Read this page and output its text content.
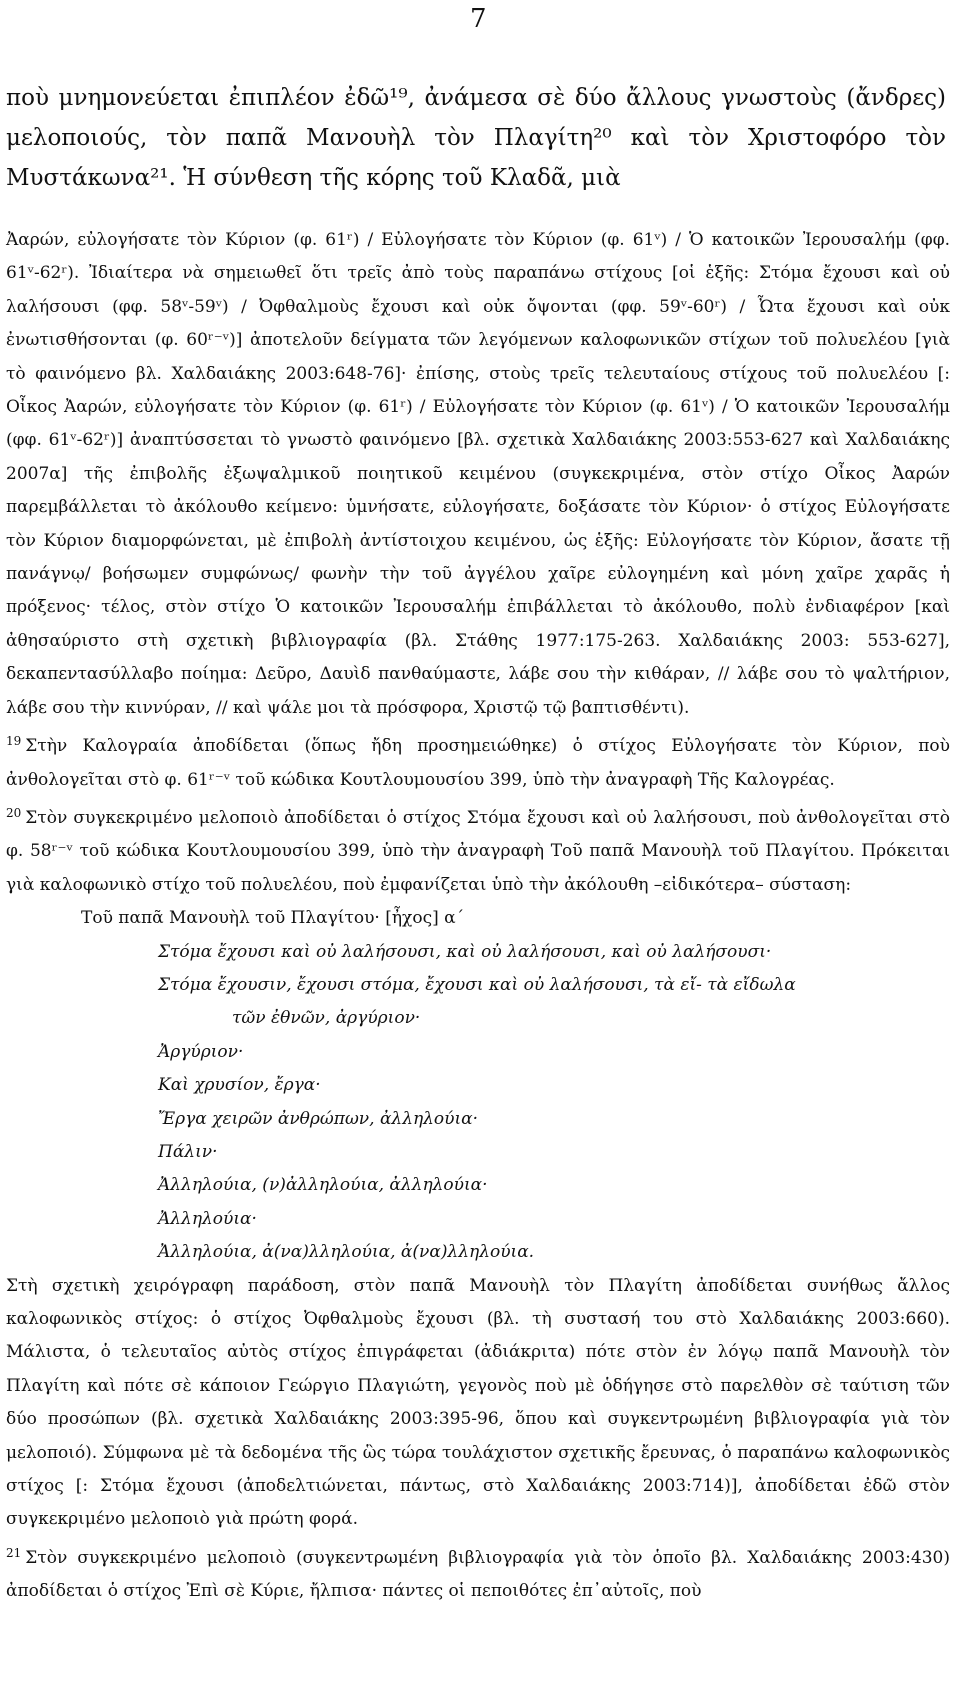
7

ποὺ μνημονεύεται ἐπιπλέον ἐδῶ¹⁹, ἀνάμεσα σὲ δύο ἄλλους γνωστοὺς (ἄνδρες) μελοποιούς, τὸν παπᾶ Μανουὴλ τὸν Πλαγίτη²⁰ καὶ τὸν Χριστοφόρο τὸν Μυστάκωνα²¹. Ἡ σύνθεση τῆς κόρης τοῦ Κλαδᾶ, μιὰ

Ἀαρών, εὐλογήσατε τὸν Κύριον (φ. 61ʳ) / Εὐλογήσατε τὸν Κύριον (φ. 61ᵛ) / Ὁ κατοικῶν Ἰερουσαλήμ (φφ. 61ᵛ-62ʳ). Ἰδιαίτερα νὰ σημειωθεῖ ὅτι τρεῖς ἀπὸ τοὺς παραπάνω στίχους [οἱ ἑξῆς: Στόμα ἔχουσι καὶ οὐ λαλήσουσι (φφ. 58ᵛ-59ᵛ) / Ὀφθαλμοὺς ἔχουσι καὶ οὐκ ὄψονται (φφ. 59ᵛ-60ʳ) / Ὦτα ἔχουσι καὶ οὐκ ἐνωτισθήσονται (φ. 60ʳ⁻ᵛ)] ἀποτελοῦν δείγματα τῶν λεγόμενων καλοφωνικῶν στίχων τοῦ πολυελέου [γιὰ τὸ φαινόμενο βλ. Χαλδαιάκης 2003:648-76]· ἐπίσης, στοὺς τρεῖς τελευταίους στίχους τοῦ πολυελέου [: Οἶκος Ἀαρών, εὐλογήσατε τὸν Κύριον (φ. 61ʳ) / Εὐλογήσατε τὸν Κύριον (φ. 61ᵛ) / Ὁ κατοικῶν Ἰερουσαλήμ (φφ. 61ᵛ-62ʳ)] ἀναπτύσσεται τὸ γνωστὸ φαινόμενο [βλ. σχετικὰ Χαλδαιάκης 2003:553-627 καὶ Χαλδαιάκης 2007α] τῆς ἐπιβολῆς ἐξωψαλμικοῦ ποιητικοῦ κειμένου (συγκεκριμένα, στὸν στίχο Οἶκος Ἀαρών παρεμβάλλεται τὸ ἀκόλουθο κείμενο: ὑμνήσατε, εὐλογήσατε, δοξάσατε τὸν Κύριον· ὁ στίχος Εὐλογήσατε τὸν Κύριον διαμορφώνεται, μὲ ἐπιβολὴ ἀντίστοιχου κειμένου, ὡς ἑξῆς: Εὐλογήσατε τὸν Κύριον, ἄσατε τῇ πανάγνῳ/ βοήσωμεν συμφώνως/ φωνὴν τὴν τοῦ ἀγγέλου χαῖρε εὐλογημένη καὶ μόνη χαῖρε χαρᾶς ἡ πρόξενος· τέλος, στὸν στίχο Ὁ κατοικῶν Ἰερουσαλήμ ἐπιβάλλεται τὸ ἀκόλουθο, πολὺ ἐνδιαφέρον [καὶ ἀθησαύριστο στὴ σχετικὴ βιβλιογραφία (βλ. Στάθης 1977:175-263. Χαλδαιάκης 2003: 553-627], δεκαπεντασύλλαβο ποίημα: Δεῦρο, Δαυὶδ πανθαύμαστε, λάβε σου τὴν κιθάραν, // λάβε σου τὸ ψαλτήριον, λάβε σου τὴν κιννύραν, // καὶ ψάλε μοι τὰ πρόσφορα, Χριστῷ τῷ βαπτισθέντι).

$^{19}$ Στὴν Καλογραία ἀποδίδεται (ὅπως ἤδη προσημειώθηκε) ὁ στίχος Εὐλογήσατε τὸν Κύριον, ποὺ ἀνθολογεῖται στὸ φ. 61ʳ⁻ᵛ τοῦ κώδικα Κουτλουμουσίου 399, ὑπὸ τὴν ἀναγραφὴ Τῆς Καλογρέας.

$^{20}$ Στὸν συγκεκριμένο μελοποιὸ ἀποδίδεται ὁ στίχος Στόμα ἔχουσι καὶ οὐ λαλήσουσι, ποὺ ἀνθολογεῖται στὸ φ. 58ʳ⁻ᵛ τοῦ κώδικα Κουτλουμουσίου 399, ὑπὸ τὴν ἀναγραφὴ Τοῦ παπᾶ Μανουὴλ τοῦ Πλαγίτου. Πρόκειται γιὰ καλοφωνικὸ στίχο τοῦ πολυελέου, ποὺ ἐμφανίζεται ὑπὸ τὴν ἀκόλουθη –εἰδικότερα– σύσταση:

Τοῦ παπᾶ Μανουὴλ τοῦ Πλαγίτου· [ἦχος] α΄

Στόμα ἔχουσι καὶ οὐ λαλήσουσι, καὶ οὐ λαλήσουσι, καὶ οὐ λαλήσουσι·

Στόμα ἔχουσιν, ἔχουσι στόμα, ἔχουσι καὶ οὐ λαλήσουσι, τὰ εἴ- τὰ εἴδωλα

τῶν ἐθνῶν, ἀργύριον·

Ἀργύριον·

Καὶ χρυσίον, ἔργα·

Ἔργα χειρῶν ἀνθρώπων, ἀλληλούια·

Πάλιν·

Ἀλληλούια, (ν)ἀλληλούια, ἀλληλούια·

Ἀλληλούια·

Ἀλληλούια, ἀ(να)λληλούια, ἀ(να)λληλούια.

Στὴ σχετικὴ χειρόγραφη παράδοση, στὸν παπᾶ Μανουὴλ τὸν Πλαγίτη ἀποδίδεται συνήθως ἄλλος καλοφωνικὸς στίχος: ὁ στίχος Ὀφθαλμοὺς ἔχουσι (βλ. τὴ συστασή του στὸ Χαλδαιάκης 2003:660). Μάλιστα, ὁ τελευταῖος αὐτὸς στίχος ἐπιγράφεται (ἀδιάκριτα) πότε στὸν ἐν λόγῳ παπᾶ Μανουὴλ τὸν Πλαγίτη καὶ πότε σὲ κάποιον Γεώργιο Πλαγιώτη, γεγονὸς ποὺ μὲ ὁδήγησε στὸ παρελθὸν σὲ ταύτιση τῶν δύο προσώπων (βλ. σχετικὰ Χαλδαιάκης 2003:395-96, ὅπου καὶ συγκεντρωμένη βιβλιογραφία γιὰ τὸν μελοποιό). Σύμφωνα μὲ τὰ δεδομένα τῆς ὣς τώρα τουλάχιστον σχετικῆς ἔρευνας, ὁ παραπάνω καλοφωνικὸς στίχος [: Στόμα ἔχουσι (ἀποδελτιώνεται, πάντως, στὸ Χαλδαιάκης 2003:714)], ἀποδίδεται ἐδῶ στὸν συγκεκριμένο μελοποιὸ γιὰ πρώτη φορά.

$^{21}$ Στὸν συγκεκριμένο μελοποιὸ (συγκεντρωμένη βιβλιογραφία γιὰ τὸν ὁποῖο βλ. Χαλδαιάκης 2003:430) ἀποδίδεται ὁ στίχος Ἐπὶ σὲ Κύριε, ἤλπισα· πάντες οἱ πεποιθότες ἐπ᾽αὐτοῖς, ποὺ
